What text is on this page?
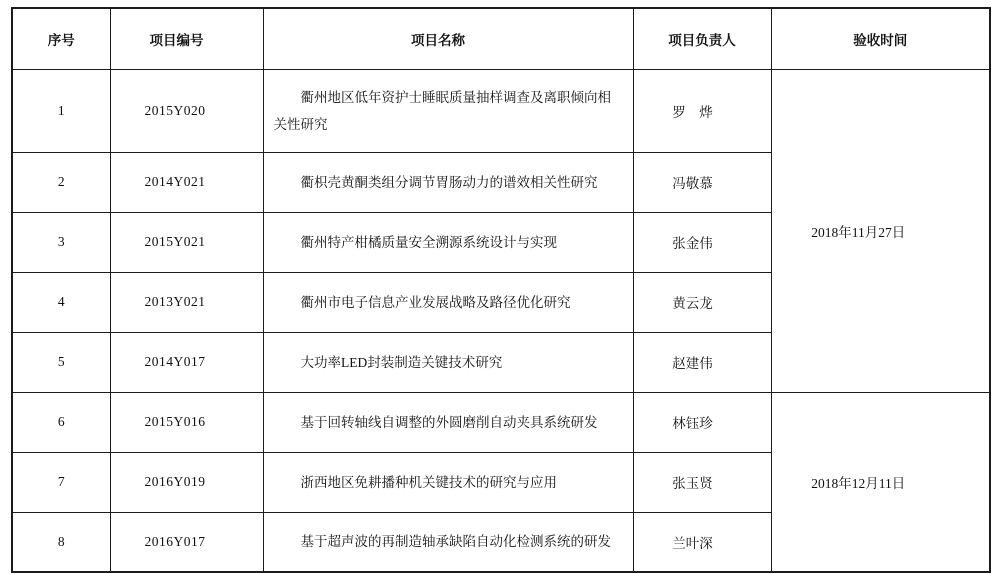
序号	项目编号	项目名称	项目负责人	验收时间
1	2015Y020	衢州地区低年资护士睡眠质量抽样调查及离职倾向相关性研究	罗　烨	2018年11月27日
2	2014Y021	衢枳壳黄酮类组分调节胃肠动力的谱效相关性研究	冯敬慕	
3	2015Y021	衢州特产柑橘质量安全溯源系统设计与实现	张金伟	
4	2013Y021	衢州市电子信息产业发展战略及路径优化研究	黄云龙	
5	2014Y017	大功率LED封装制造关键技术研究	赵建伟	
6	2015Y016	基于回转轴线自调整的外圆磨削自动夹具系统研发	林钰珍	2018年12月11日
7	2016Y019	浙西地区免耕播种机关键技术的研究与应用	张玉贤	
8	2016Y017	基于超声波的再制造轴承缺陷自动化检测系统的研发	兰叶深	
